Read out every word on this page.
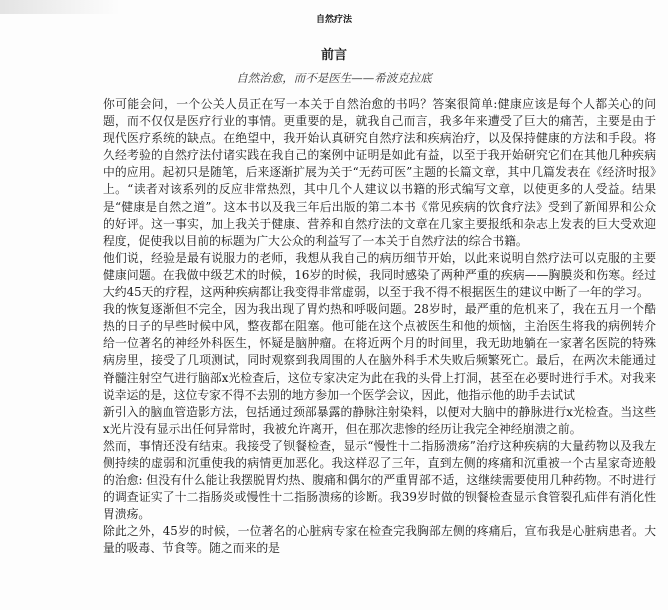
自然疗法
前言
自然治愈，而不是医生——希波克拉底

你可能会问，一个公关人员正在写一本关于自然治愈的书吗？答案很简单:健康应该是每个人都关心的问题，而不仅仅是医疗行业的事情。更重要的是，就我自己而言，我多年来遭受了巨大的痛苦，主要是由于现代医疗系统的缺点。在绝望中，我开始认真研究自然疗法和疾病治疗，以及保持健康的方法和手段。将久经考验的自然疗法付诸实践在我自己的案例中证明是如此有益，以至于我开始研究它们在其他几种疾病中的应用。起初只是随笔，后来逐渐扩展为关于“无药可医”主题的长篇文章，其中几篇发表在《经济时报》上。“读者对该系列的反应非常热烈，其中几个人建议以书籍的形式编写文章，以使更多的人受益。结果是“健康是自然之道”。这本书以及我三年后出版的第二本书《常见疾病的饮食疗法》受到了新闻界和公众的好评。这一事实，加上我关于健康、营养和自然疗法的文章在几家主要报纸和杂志上发表的巨大受欢迎程度，促使我以目前的标题为广大公众的利益写了一本关于自然疗法的综合书籍。

他们说，经验是最有说服力的老师，我想从我自己的病历细节开始，以此来说明自然疗法可以克服的主要健康问题。在我做中级艺术的时候，16岁的时候，我同时感染了两种严重的疾病——胸膜炎和伤寒。经过大约45天的疗程，这两种疾病都让我变得非常虚弱，以至于我不得不根据医生的建议中断了一年的学习。

我的恢复逐渐但不完全，因为我出现了胃灼热和呼吸问题。28岁时，最严重的危机来了，我在五月一个酷热的日子的早些时候中风，整夜都在阻塞。他可能在这个点被医生和他的烦恼，主治医生将我的病例转介给一位著名的神经外科医生，怀疑是脑肿瘤。在将近两个月的时间里，我无助地躺在一家著名医院的特殊病房里，接受了几项测试，同时观察到我周围的人在脑外科手术失败后频繁死亡。最后，在两次未能通过脊髓注射空气进行脑部x光检查后，这位专家决定为此在我的头骨上打洞，甚至在必要时进行手术。对我来说幸运的是，这位专家不得不去别的地方参加一个医学会议，因此，他指示他的助手去试试

新引入的脑血管造影方法，包括通过颈部暴露的静脉注射染料，以便对大脑中的静脉进行x光检查。当这些x光片没有显示出任何异常时，我被允许离开，但在那次悲惨的经历让我完全神经崩溃之前。

然而，事情还没有结束。我接受了钡餐检查，显示“慢性十二指肠溃疡”治疗这种疾病的大量药物以及我左侧持续的虚弱和沉重使我的病情更加恶化。我这样忍了三年，直到左侧的疼痛和沉重被一个古星家奇迹般的治愈: 但没有什么能让我摆脱胃灼热、腹痛和偶尔的严重胃部不适，这继续需要使用几种药物。不时进行的调查证实了十二指肠炎或慢性十二指肠溃疡的诊断。我39岁时做的钡餐检查显示食管裂孔疝伴有消化性胃溃疡。

除此之外，45岁的时候，一位著名的心脏病专家在检查完我胸部左侧的疼痛后，宣布我是心脏病患者。大量的吸毒、节食等。随之而来的是
